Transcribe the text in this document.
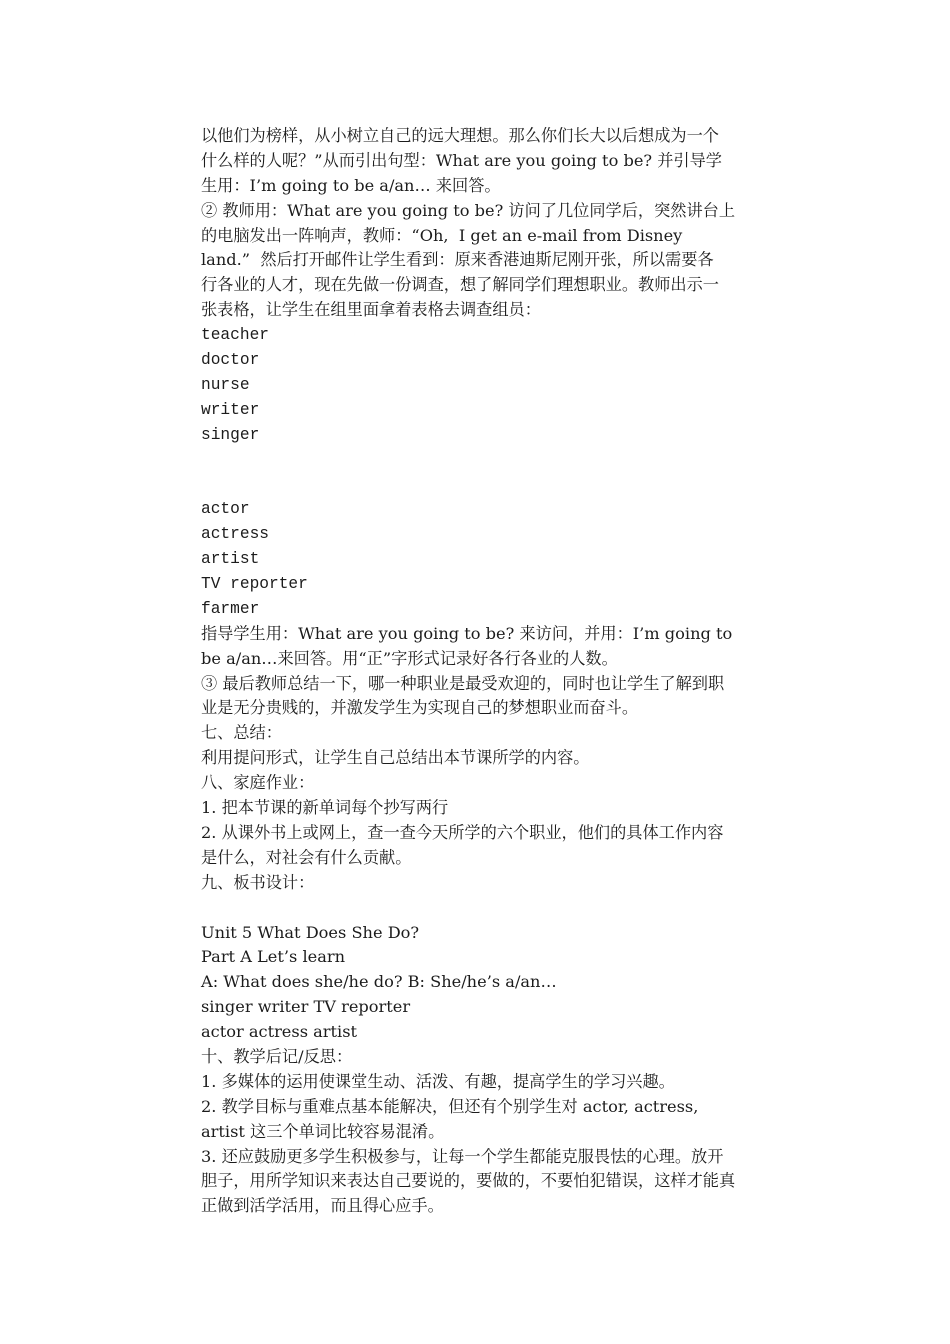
以他们为榜样，从小树立自己的远大理想。那么你们长大以后想成为一个
什么样的人呢？”从而引出句型：What are you going to be? 并引导学
生用：I’m going to be a/an… 来回答。
② 教师用：What are you going to be? 访问了几位同学后，突然讲台上
的电脑发出一阵响声，教师：“Oh,  I get an e-mail from Disney
land.”  然后打开邮件让学生看到：原来香港迪斯尼刚开张，所以需要各
行各业的人才，现在先做一份调查，想了解同学们理想职业。教师出示一
张表格，让学生在组里面拿着表格去调查组员：
teacher
doctor
nurse
writer
singer
actor
actress
artist
TV reporter
farmer
指导学生用：What are you going to be? 来访问，并用：I’m going to
be a/an…来回答。用“正”字形式记录好各行各业的人数。
③ 最后教师总结一下，哪一种职业是最受欢迎的，同时也让学生了解到职
业是无分贵贱的，并激发学生为实现自己的梦想职业而奋斗。
七、总结：
利用提问形式，让学生自己总结出本节课所学的内容。
八、家庭作业：
1. 把本节课的新单词每个抄写两行
2. 从课外书上或网上，查一查今天所学的六个职业，他们的具体工作内容
是什么，对社会有什么贡献。
九、板书设计：
Unit 5 What Does She Do?
Part A Let’s learn
A: What does she/he do? B: She/he’s a/an…
singer writer TV reporter
actor actress artist
十、教学后记/反思：
1. 多媒体的运用使课堂生动、活泼、有趣，提高学生的学习兴趣。
2. 教学目标与重难点基本能解决，但还有个别学生对 actor, actress,
artist 这三个单词比较容易混淆。
3. 还应鼓励更多学生积极参与，让每一个学生都能克服畏怯的心理。放开
胆子，用所学知识来表达自己要说的，要做的，不要怕犯错误，这样才能真
正做到活学活用，而且得心应手。
